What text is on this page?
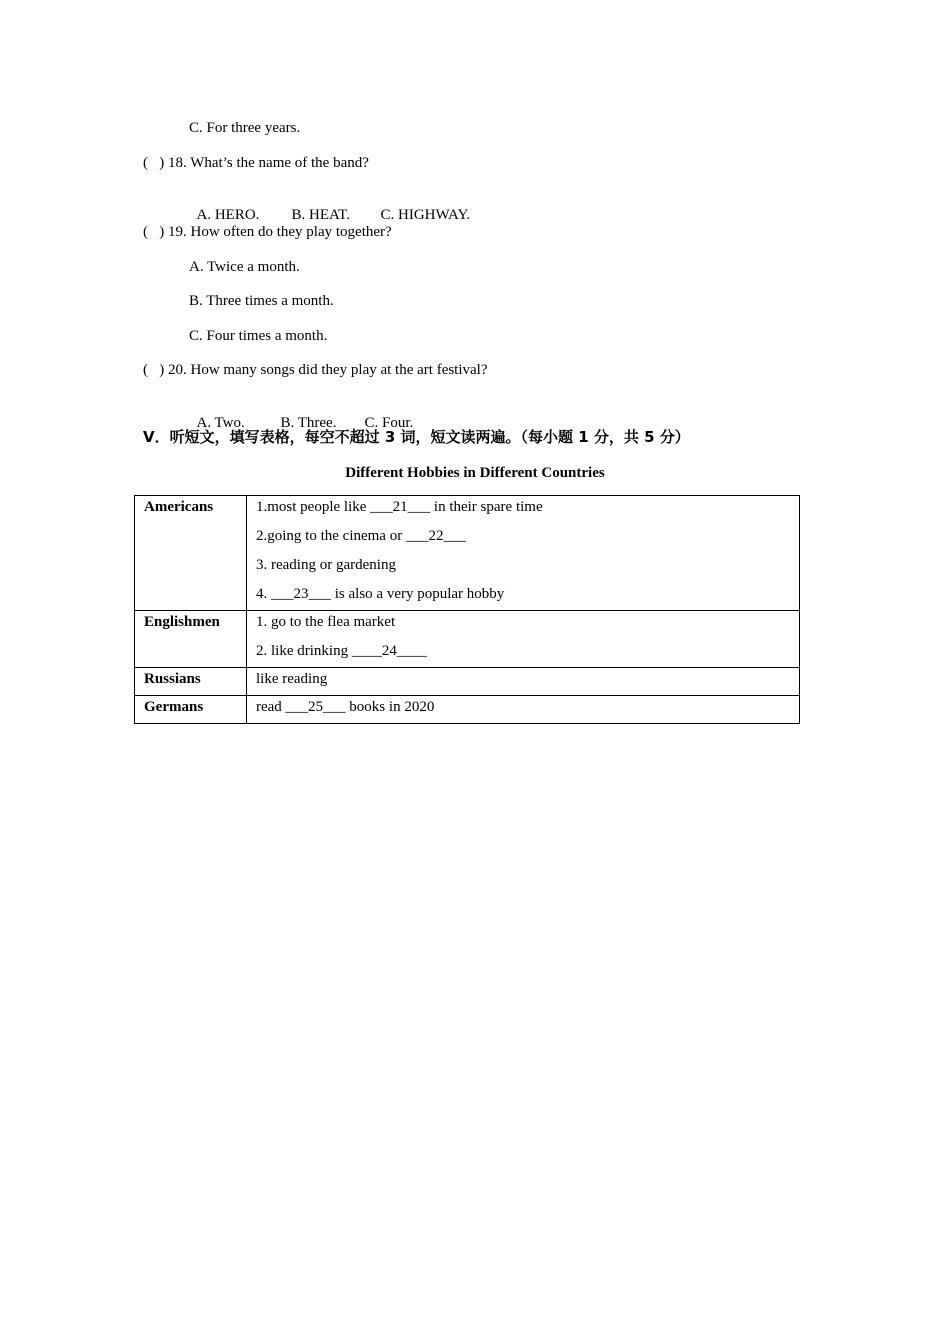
C. For three years.
(   ) 18. What’s the name of the band?

A. HERO. B. HEAT. C. HIGHWAY.

(   ) 19. How often do they play together?
A. Twice a month.
B. Three times a month.
C. Four times a month.
(   ) 20. How many songs did they play at the art festival?

A. Two. B. Three. C. Four.

V．听短文，填写表格，每空不超过 3 词，短文读两遍。（每小题 1 分，共 5 分）
Different Hobbies in Different Countries
Americans	1.most people like ___21___ in their spare time
2.going to the cinema or ___22___
3. reading or gardening
4. ___23___ is also a very popular hobby

Englishmen	1. go to the flea market
2. like drinking ____24____

Russians	like reading

Germans	read ___25___ books in 2020
